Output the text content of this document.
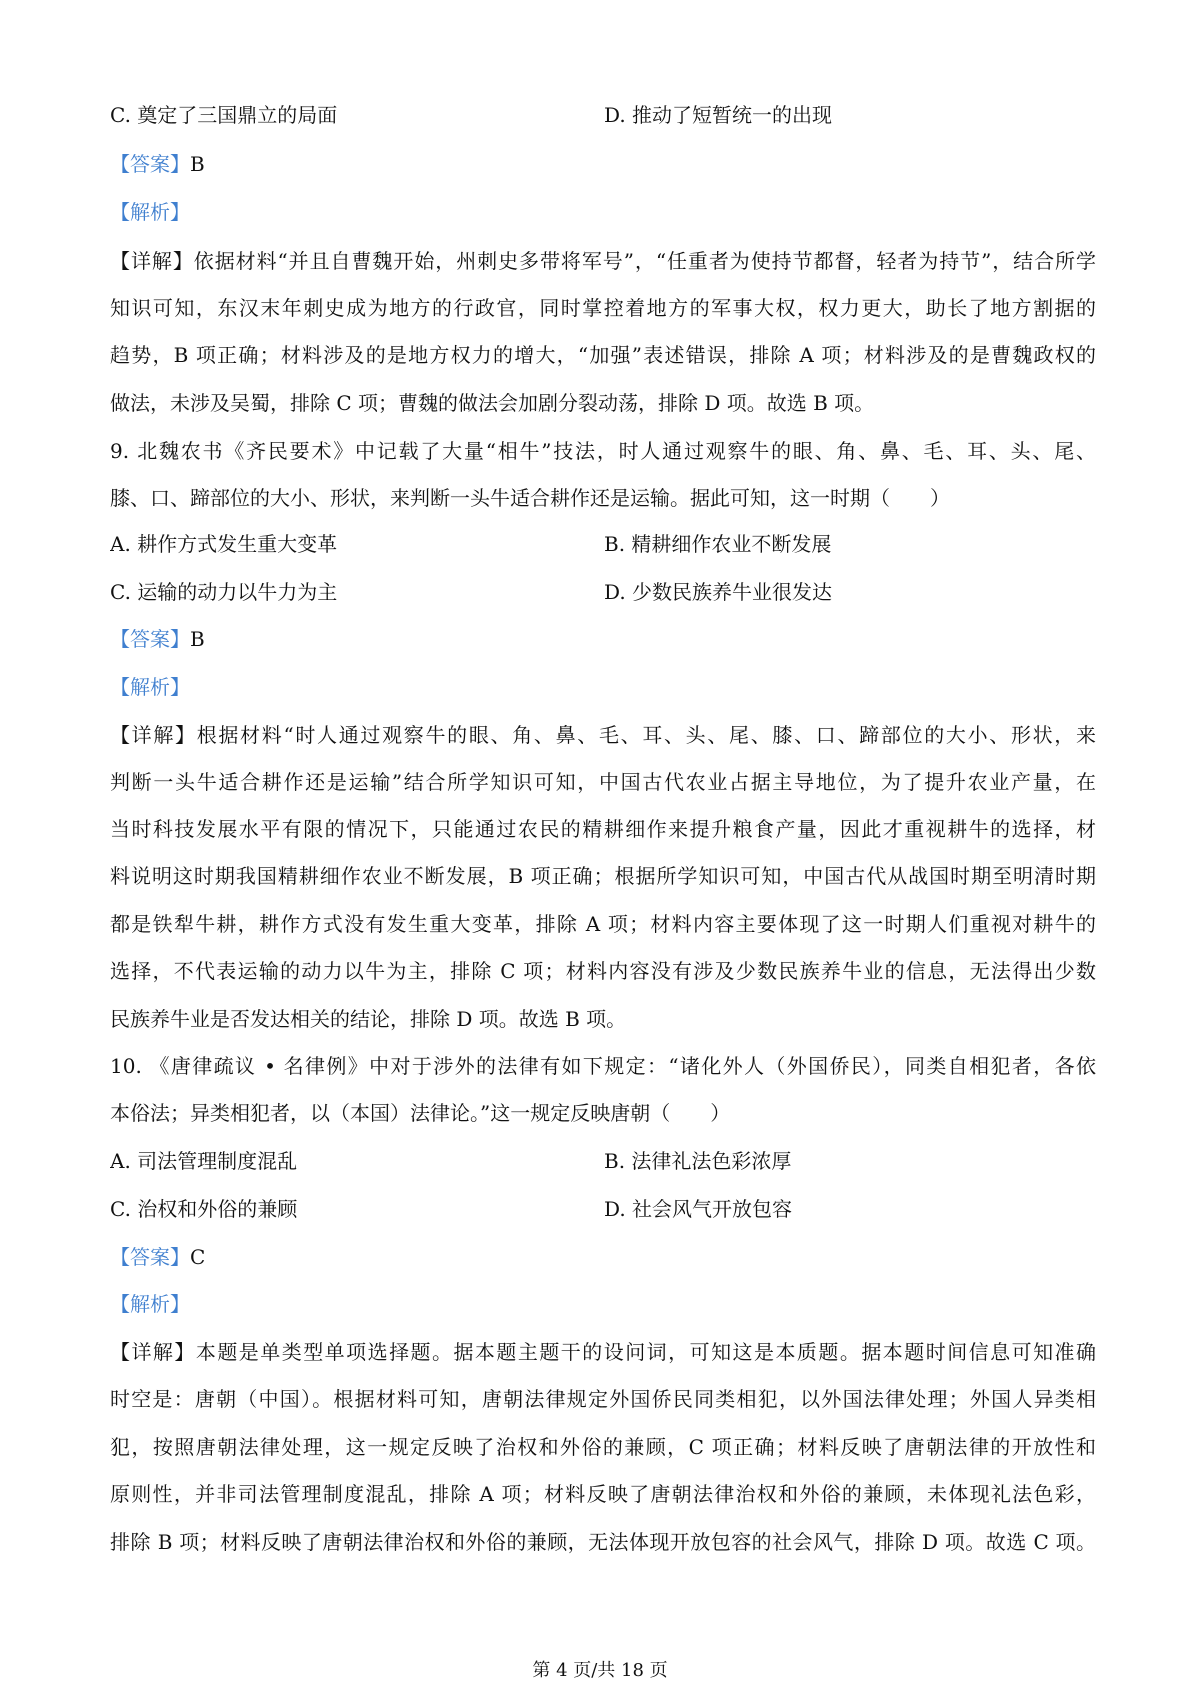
C. 奠定了三国鼎立的局面	D. 推动了短暂统一的出现
【答案】B
【解析】
【详解】依据材料“并且自曹魏开始，州刺史多带将军号”，“任重者为使持节都督，轻者为持节”，结合所学
知识可知，东汉末年刺史成为地方的行政官，同时掌控着地方的军事大权，权力更大，助长了地方割据的
趋势，B 项正确；材料涉及的是地方权力的增大，“加强”表述错误，排除 A 项；材料涉及的是曹魏政权的
做法，未涉及吴蜀，排除 C 项；曹魏的做法会加剧分裂动荡，排除 D 项。故选 B 项。
9. 北魏农书《齐民要术》中记载了大量“相牛”技法，时人通过观察牛的眼、角、鼻、毛、耳、头、尾、
膝、口、蹄部位的大小、形状，来判断一头牛适合耕作还是运输。据此可知，这一时期（　　）
A. 耕作方式发生重大变革	B. 精耕细作农业不断发展
C. 运输的动力以牛力为主	D. 少数民族养牛业很发达
【答案】B
【解析】
【详解】根据材料“时人通过观察牛的眼、角、鼻、毛、耳、头、尾、膝、口、蹄部位的大小、形状，来
判断一头牛适合耕作还是运输”结合所学知识可知，中国古代农业占据主导地位，为了提升农业产量，在
当时科技发展水平有限的情况下，只能通过农民的精耕细作来提升粮食产量，因此才重视耕牛的选择，材
料说明这时期我国精耕细作农业不断发展，B 项正确；根据所学知识可知，中国古代从战国时期至明清时期
都是铁犁牛耕，耕作方式没有发生重大变革，排除 A 项；材料内容主要体现了这一时期人们重视对耕牛的
选择，不代表运输的动力以牛为主，排除 C 项；材料内容没有涉及少数民族养牛业的信息，无法得出少数
民族养牛业是否发达相关的结论，排除 D 项。故选 B 项。
10. 《唐律疏议 • 名律例》中对于涉外的法律有如下规定：“诸化外人（外国侨民），同类自相犯者，各依
本俗法；异类相犯者，以（本国）法律论。”这一规定反映唐朝（　　）
A. 司法管理制度混乱	B. 法律礼法色彩浓厚
C. 治权和外俗的兼顾	D. 社会风气开放包容
【答案】C
【解析】
【详解】本题是单类型单项选择题。据本题主题干的设问词，可知这是本质题。据本题时间信息可知准确
时空是：唐朝（中国）。根据材料可知，唐朝法律规定外国侨民同类相犯，以外国法律处理；外国人异类相
犯，按照唐朝法律处理，这一规定反映了治权和外俗的兼顾，C 项正确；材料反映了唐朝法律的开放性和
原则性，并非司法管理制度混乱，排除 A 项；材料反映了唐朝法律治权和外俗的兼顾，未体现礼法色彩，
排除 B 项；材料反映了唐朝法律治权和外俗的兼顾，无法体现开放包容的社会风气，排除 D 项。故选 C 项。
第 4 页/共 18 页
